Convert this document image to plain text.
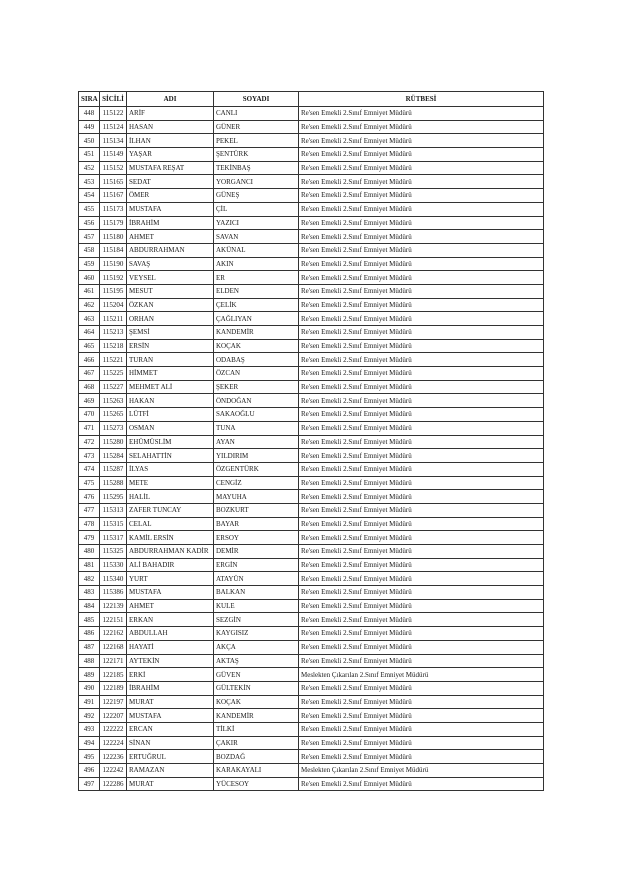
SIRA	SİCİLİ	ADI	SOYADI	RÜTBESİ
448	115122	ARİF	CANLI	Re'sen Emekli 2.Sınıf Emniyet Müdürü
449	115124	HASAN	GÜNER	Re'sen Emekli 2.Sınıf Emniyet Müdürü
450	115134	İLHAN	PEKEL	Re'sen Emekli 2.Sınıf Emniyet Müdürü
451	115149	YAŞAR	ŞENTÜRK	Re'sen Emekli 2.Sınıf Emniyet Müdürü
452	115152	MUSTAFA REŞAT	TEKİNBAŞ	Re'sen Emekli 2.Sınıf Emniyet Müdürü
453	115165	SEDAT	YORGANCI	Re'sen Emekli 2.Sınıf Emniyet Müdürü
454	115167	ÖMER	GÜNEŞ	Re'sen Emekli 2.Sınıf Emniyet Müdürü
455	115173	MUSTAFA	ÇİL	Re'sen Emekli 2.Sınıf Emniyet Müdürü
456	115179	İBRAHİM	YAZICI	Re'sen Emekli 2.Sınıf Emniyet Müdürü
457	115180	AHMET	SAVAN	Re'sen Emekli 2.Sınıf Emniyet Müdürü
458	115184	ABDURRAHMAN	AKÜNAL	Re'sen Emekli 2.Sınıf Emniyet Müdürü
459	115190	SAVAŞ	AKIN	Re'sen Emekli 2.Sınıf Emniyet Müdürü
460	115192	VEYSEL	ER	Re'sen Emekli 2.Sınıf Emniyet Müdürü
461	115195	MESUT	ELDEN	Re'sen Emekli 2.Sınıf Emniyet Müdürü
462	115204	ÖZKAN	ÇELİK	Re'sen Emekli 2.Sınıf Emniyet Müdürü
463	115211	ORHAN	ÇAĞLIYAN	Re'sen Emekli 2.Sınıf Emniyet Müdürü
464	115213	ŞEMSİ	KANDEMİR	Re'sen Emekli 2.Sınıf Emniyet Müdürü
465	115218	ERSİN	KOÇAK	Re'sen Emekli 2.Sınıf Emniyet Müdürü
466	115221	TURAN	ODABAŞ	Re'sen Emekli 2.Sınıf Emniyet Müdürü
467	115225	HİMMET	ÖZCAN	Re'sen Emekli 2.Sınıf Emniyet Müdürü
468	115227	MEHMET ALİ	ŞEKER	Re'sen Emekli 2.Sınıf Emniyet Müdürü
469	115263	HAKAN	ÖNDOĞAN	Re'sen Emekli 2.Sınıf Emniyet Müdürü
470	115265	LÜTFİ	SAKAOĞLU	Re'sen Emekli 2.Sınıf Emniyet Müdürü
471	115273	OSMAN	TUNA	Re'sen Emekli 2.Sınıf Emniyet Müdürü
472	115280	EHÜMÜSLİM	AYAN	Re'sen Emekli 2.Sınıf Emniyet Müdürü
473	115284	SELAHATTİN	YILDIRIM	Re'sen Emekli 2.Sınıf Emniyet Müdürü
474	115287	İLYAS	ÖZGENTÜRK	Re'sen Emekli 2.Sınıf Emniyet Müdürü
475	115288	METE	CENGİZ	Re'sen Emekli 2.Sınıf Emniyet Müdürü
476	115295	HALİL	MAYUHA	Re'sen Emekli 2.Sınıf Emniyet Müdürü
477	115313	ZAFER TUNCAY	BOZKURT	Re'sen Emekli 2.Sınıf Emniyet Müdürü
478	115315	CELAL	BAYAR	Re'sen Emekli 2.Sınıf Emniyet Müdürü
479	115317	KAMİL ERSİN	ERSOY	Re'sen Emekli 2.Sınıf Emniyet Müdürü
480	115325	ABDURRAHMAN KADİR	DEMİR	Re'sen Emekli 2.Sınıf Emniyet Müdürü
481	115330	ALİ BAHADIR	ERGİN	Re'sen Emekli 2.Sınıf Emniyet Müdürü
482	115340	YURT	ATAYÜN	Re'sen Emekli 2.Sınıf Emniyet Müdürü
483	115386	MUSTAFA	BALKAN	Re'sen Emekli 2.Sınıf Emniyet Müdürü
484	122139	AHMET	KULE	Re'sen Emekli 2.Sınıf Emniyet Müdürü
485	122151	ERKAN	SEZGİN	Re'sen Emekli 2.Sınıf Emniyet Müdürü
486	122162	ABDULLAH	KAYGISIZ	Re'sen Emekli 2.Sınıf Emniyet Müdürü
487	122168	HAYATİ	AKÇA	Re'sen Emekli 2.Sınıf Emniyet Müdürü
488	122171	AYTEKİN	AKTAŞ	Re'sen Emekli 2.Sınıf Emniyet Müdürü
489	122185	ERKİ	GÜVEN	Meslekten Çıkarılan 2.Sınıf Emniyet Müdürü
490	122189	İBRAHİM	GÜLTEKİN	Re'sen Emekli 2.Sınıf Emniyet Müdürü
491	122197	MURAT	KOÇAK	Re'sen Emekli 2.Sınıf Emniyet Müdürü
492	122207	MUSTAFA	KANDEMİR	Re'sen Emekli 2.Sınıf Emniyet Müdürü
493	122222	ERCAN	TİLKİ	Re'sen Emekli 2.Sınıf Emniyet Müdürü
494	122224	SİNAN	ÇAKIR	Re'sen Emekli 2.Sınıf Emniyet Müdürü
495	122236	ERTUĞRUL	BOZDAĞ	Re'sen Emekli 2.Sınıf Emniyet Müdürü
496	122242	RAMAZAN	KARAKAYALI	Meslekten Çıkarılan 2.Sınıf Emniyet Müdürü
497	122286	MURAT	YÜCESOY	Re'sen Emekli 2.Sınıf Emniyet Müdürü
